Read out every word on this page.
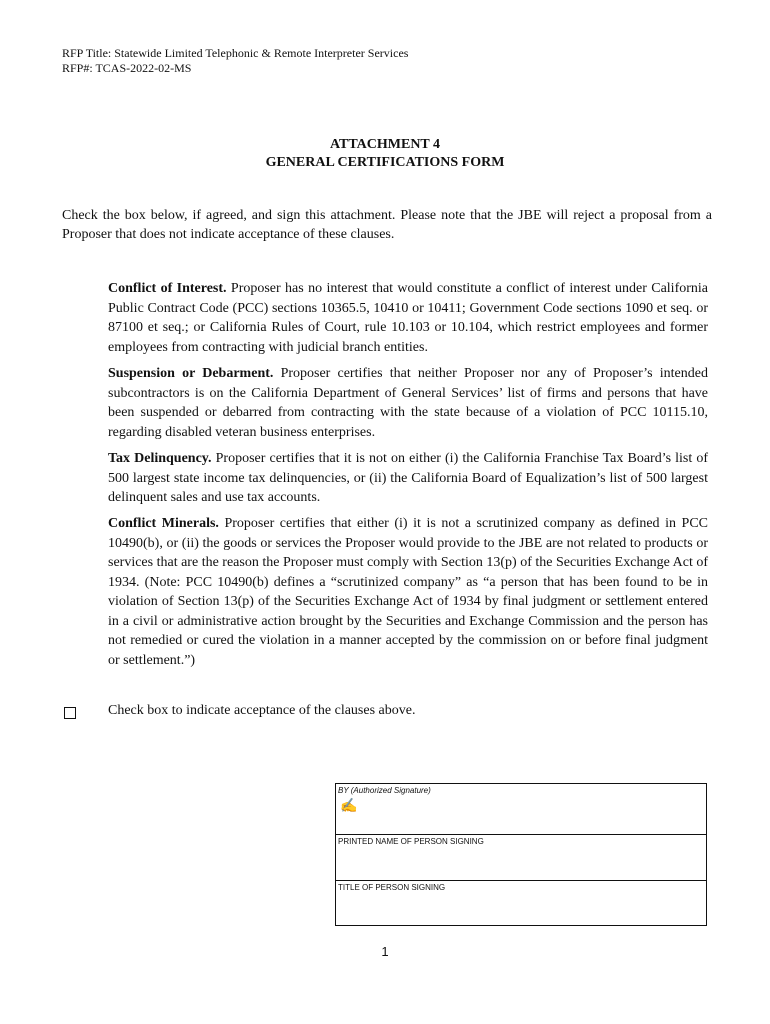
RFP Title: Statewide Limited Telephonic & Remote Interpreter Services
RFP#: TCAS-2022-02-MS
ATTACHMENT 4
GENERAL CERTIFICATIONS FORM
Check the box below, if agreed, and sign this attachment. Please note that the JBE will reject a proposal from a Proposer that does not indicate acceptance of these clauses.
Conflict of Interest. Proposer has no interest that would constitute a conflict of interest under California Public Contract Code (PCC) sections 10365.5, 10410 or 10411; Government Code sections 1090 et seq. or 87100 et seq.; or California Rules of Court, rule 10.103 or 10.104, which restrict employees and former employees from contracting with judicial branch entities.
Suspension or Debarment. Proposer certifies that neither Proposer nor any of Proposer’s intended subcontractors is on the California Department of General Services’ list of firms and persons that have been suspended or debarred from contracting with the state because of a violation of PCC 10115.10, regarding disabled veteran business enterprises.
Tax Delinquency. Proposer certifies that it is not on either (i) the California Franchise Tax Board’s list of 500 largest state income tax delinquencies, or (ii) the California Board of Equalization’s list of 500 largest delinquent sales and use tax accounts.
Conflict Minerals. Proposer certifies that either (i) it is not a scrutinized company as defined in PCC 10490(b), or (ii) the goods or services the Proposer would provide to the JBE are not related to products or services that are the reason the Proposer must comply with Section 13(p) of the Securities Exchange Act of 1934. (Note: PCC 10490(b) defines a “scrutinized company” as “a person that has been found to be in violation of Section 13(p) of the Securities Exchange Act of 1934 by final judgment or settlement entered in a civil or administrative action brought by the Securities and Exchange Commission and the person has not remedied or cured the violation in a manner accepted by the commission on or before final judgment or settlement.”)
Check box to indicate acceptance of the clauses above.
BY (Authorized Signature)
✍
PRINTED NAME OF PERSON SIGNING
TITLE OF PERSON SIGNING
1
